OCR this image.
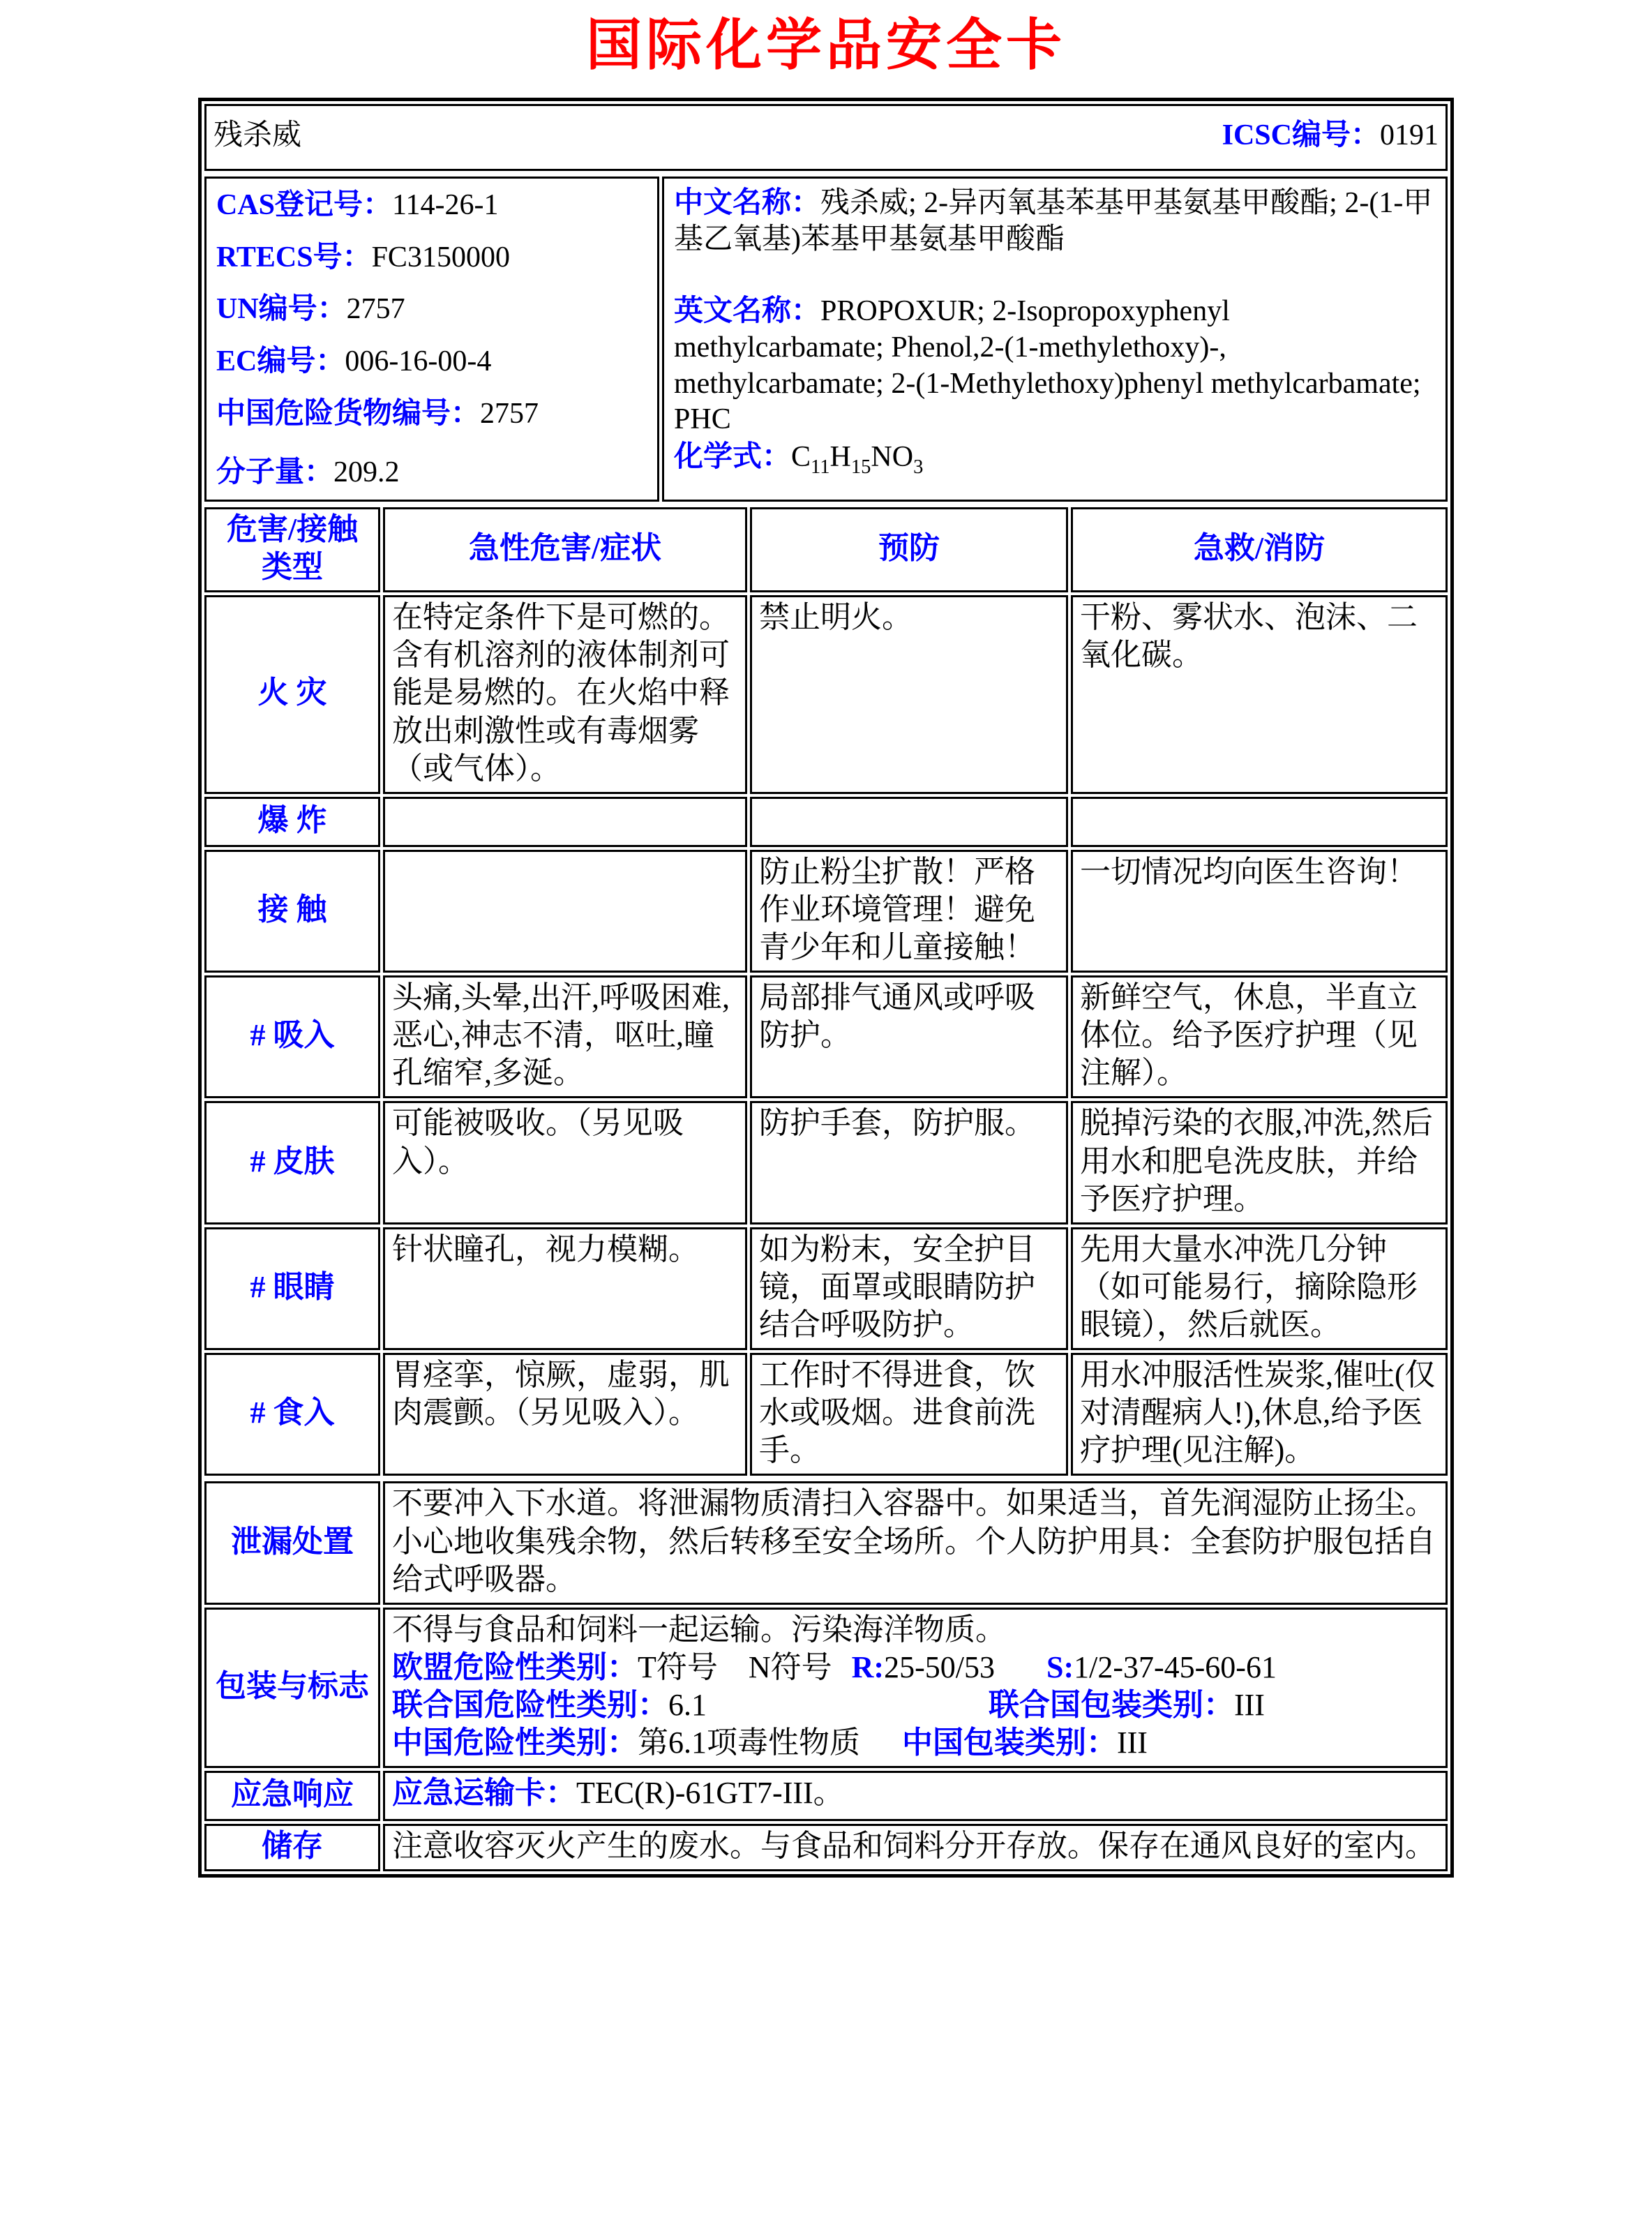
国际化学品安全卡
残杀威	ICSC编号：0191
CAS登记号：114-26-1
RTECS号：FC3150000
UN编号：2757
EC编号：006-16-00-4
中国危险货物编号：2757
分子量：209.2

中文名称：残杀威; 2-异丙氧基苯基甲基氨基甲酸酯; 2-(1-甲基乙氧基)苯基甲基氨基甲酸酯
英文名称：PROPOXUR; 2-Isopropoxyphenyl methylcarbamate; Phenol,2-(1-methylethoxy)-, methylcarbamate; 2-(1-Methylethoxy)phenyl methylcarbamate; PHC
化学式：$C_{11}H_{15}NO_3$
危害/接触类型	急性危害/症状	预防	急救/消防
火 灾	在特定条件下是可燃的。含有机溶剂的液体制剂可能是易燃的。在火焰中释放出刺激性或有毒烟雾（或气体）。	禁止明火。	干粉、雾状水、泡沫、二氧化碳。
爆 炸			
接 触		防止粉尘扩散！严格作业环境管理！避免青少年和儿童接触！	一切情况均向医生咨询！
# 吸入	头痛,头晕,出汗,呼吸困难,恶心,神志不清，呕吐,瞳孔缩窄,多涎。	局部排气通风或呼吸防护。	新鲜空气，休息，半直立体位。给予医疗护理（见注解）。
# 皮肤	可能被吸收。（另见吸入）。	防护手套，防护服。	脱掉污染的衣服,冲洗,然后用水和肥皂洗皮肤，并给予医疗护理。
# 眼睛	针状瞳孔，视力模糊。	如为粉末，安全护目镜，面罩或眼睛防护结合呼吸防护。	先用大量水冲洗几分钟（如可能易行，摘除隐形眼镜），然后就医。
# 食入	胃痉挛，惊厥，虚弱，肌肉震颤。（另见吸入）。	工作时不得进食，饮水或吸烟。进食前洗手。	用水冲服活性炭浆,催吐(仅对清醒病人!),休息,给予医疗护理(见注解)。
泄漏处置	不要冲入下水道。将泄漏物质清扫入容器中。如果适当，首先润湿防止扬尘。小心地收集残余物，然后转移至安全场所。个人防护用具：全套防护服包括自给式呼吸器。
包装与标志	不得与食品和饲料一起运输。污染海洋物质。
欧盟危险性类别：T符号　N符号 R:25-50/53 S:1/2-37-45-60-61
联合国危险性类别：6.1 联合国包装类别：III
中国危险性类别：第6.1项毒性物质 中国包装类别：III

应急响应	应急运输卡：TEC(R)-61GT7-III。
储存	注意收容灭火产生的废水。与食品和饲料分开存放。保存在通风良好的室内。
